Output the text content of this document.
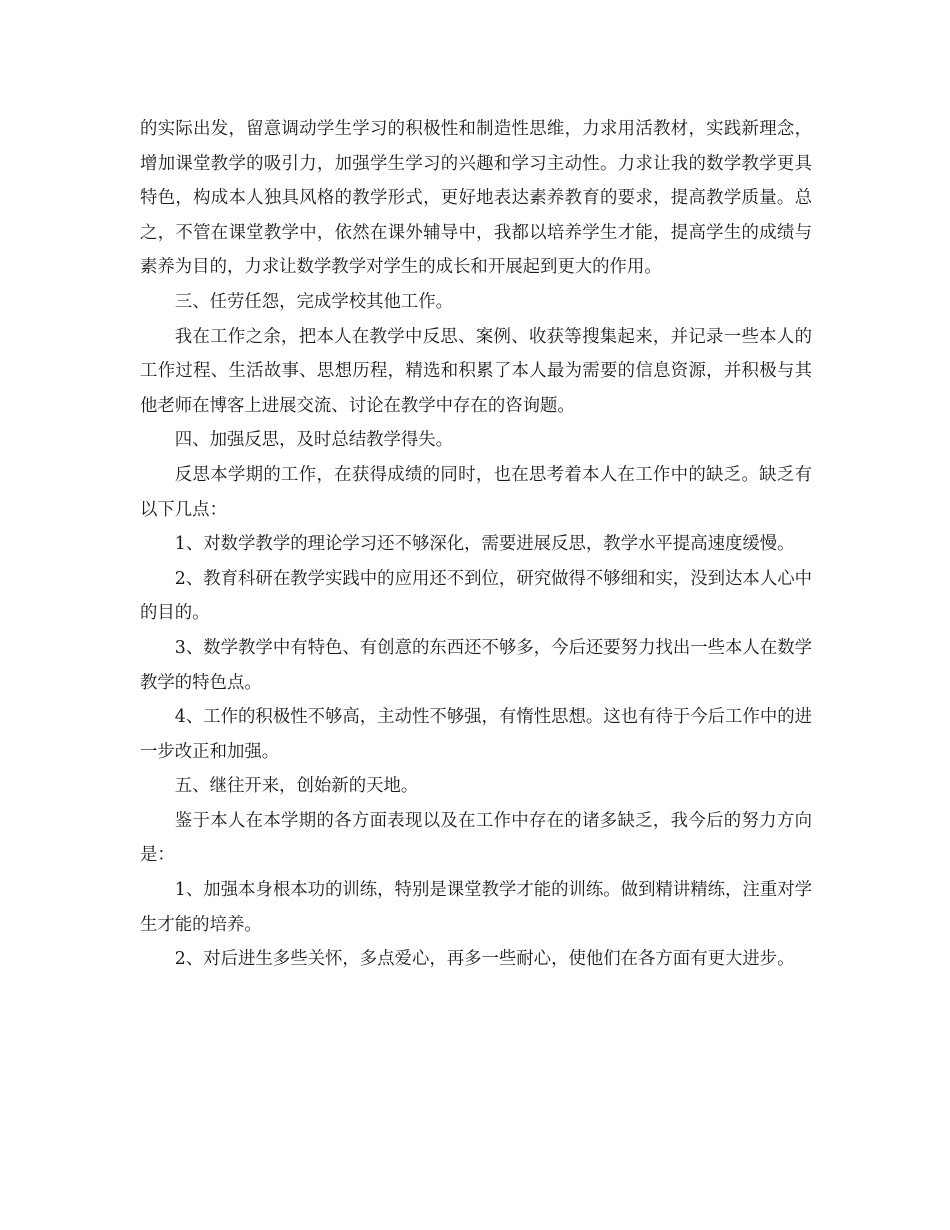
的实际出发，留意调动学生学习的积极性和制造性思维，力求用活教材，实践新理念，增加课堂教学的吸引力，加强学生学习的兴趣和学习主动性。力求让我的数学教学更具特色，构成本人独具风格的教学形式，更好地表达素养教育的要求，提高教学质量。总之，不管在课堂教学中，依然在课外辅导中，我都以培养学生才能，提高学生的成绩与素养为目的，力求让数学教学对学生的成长和开展起到更大的作用。

三、任劳任怨，完成学校其他工作。

我在工作之余，把本人在教学中反思、案例、收获等搜集起来，并记录一些本人的工作过程、生活故事、思想历程，精选和积累了本人最为需要的信息资源，并积极与其他老师在博客上进展交流、讨论在教学中存在的咨询题。

四、加强反思，及时总结教学得失。

反思本学期的工作，在获得成绩的同时，也在思考着本人在工作中的缺乏。缺乏有以下几点：

1、对数学教学的理论学习还不够深化，需要进展反思，教学水平提高速度缓慢。

2、教育科研在教学实践中的应用还不到位，研究做得不够细和实，没到达本人心中的目的。

3、数学教学中有特色、有创意的东西还不够多，今后还要努力找出一些本人在数学教学的特色点。

4、工作的积极性不够高，主动性不够强，有惰性思想。这也有待于今后工作中的进一步改正和加强。

五、继往开来，创始新的天地。

鉴于本人在本学期的各方面表现以及在工作中存在的诸多缺乏，我今后的努力方向是：

1、加强本身根本功的训练，特别是课堂教学才能的训练。做到精讲精练，注重对学生才能的培养。

2、对后进生多些关怀，多点爱心，再多一些耐心，使他们在各方面有更大进步。
